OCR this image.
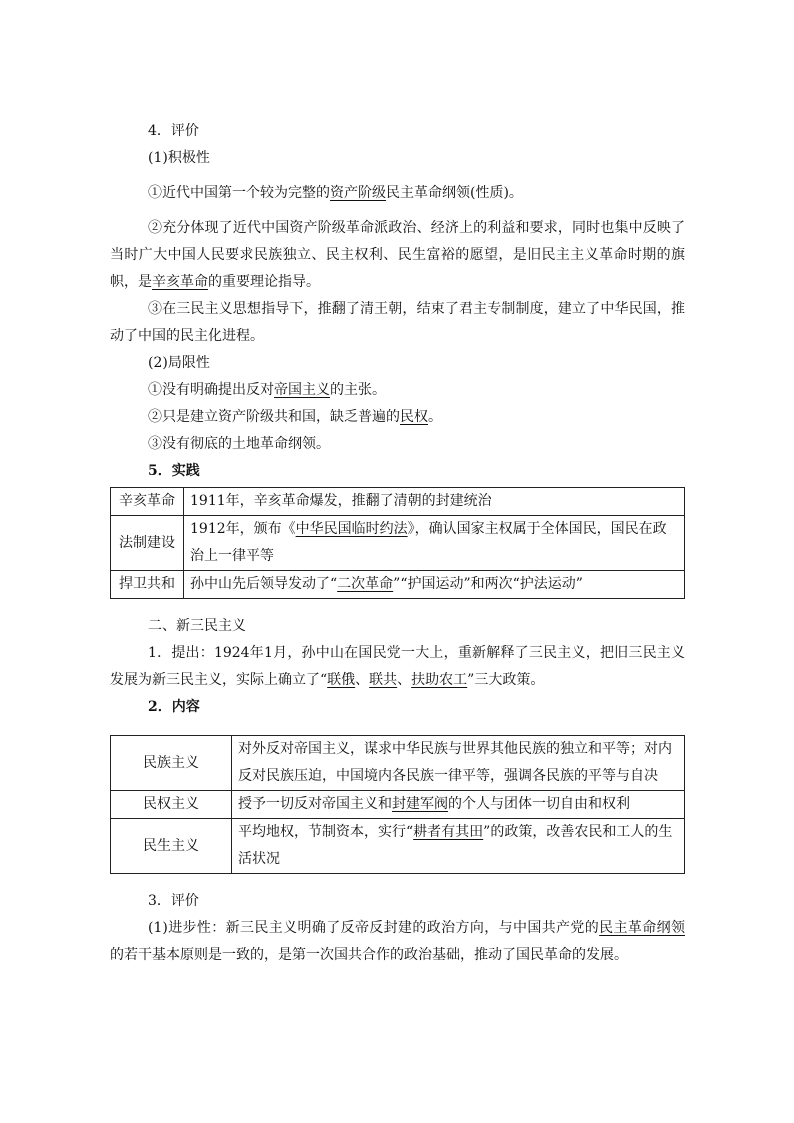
4．评价

(1)积极性

①近代中国第一个较为完整的资产阶级民主革命纲领(性质)。

②充分体现了近代中国资产阶级革命派政治、经济上的利益和要求，同时也集中反映了当时广大中国人民要求民族独立、民主权利、民生富裕的愿望，是旧民主主义革命时期的旗帜，是辛亥革命的重要理论指导。

③在三民主义思想指导下，推翻了清王朝，结束了君主专制制度，建立了中华民国，推动了中国的民主化进程。

(2)局限性

①没有明确提出反对帝国主义的主张。

②只是建立资产阶级共和国，缺乏普遍的民权。

③没有彻底的土地革命纲领。

5．实践

辛亥革命	1911年，辛亥革命爆发，推翻了清朝的封建统治
法制建设	1912年，颁布《中华民国临时约法》，确认国家主权属于全体国民，国民在政治上一律平等
捍卫共和	孙中山先后领导发动了“二次革命”“护国运动”和两次“护法运动”

二、新三民主义

1．提出：1924年1月，孙中山在国民党一大上，重新解释了三民主义，把旧三民主义发展为新三民主义，实际上确立了“联俄、联共、扶助农工”三大政策。

2．内容

民族主义	对外反对帝国主义，谋求中华民族与世界其他民族的独立和平等；对内反对民族压迫，中国境内各民族一律平等，强调各民族的平等与自决
民权主义	授予一切反对帝国主义和封建军阀的个人与团体一切自由和权利
民生主义	平均地权，节制资本，实行“耕者有其田”的政策，改善农民和工人的生活状况

3．评价

(1)进步性：新三民主义明确了反帝反封建的政治方向，与中国共产党的民主革命纲领的若干基本原则是一致的，是第一次国共合作的政治基础，推动了国民革命的发展。
